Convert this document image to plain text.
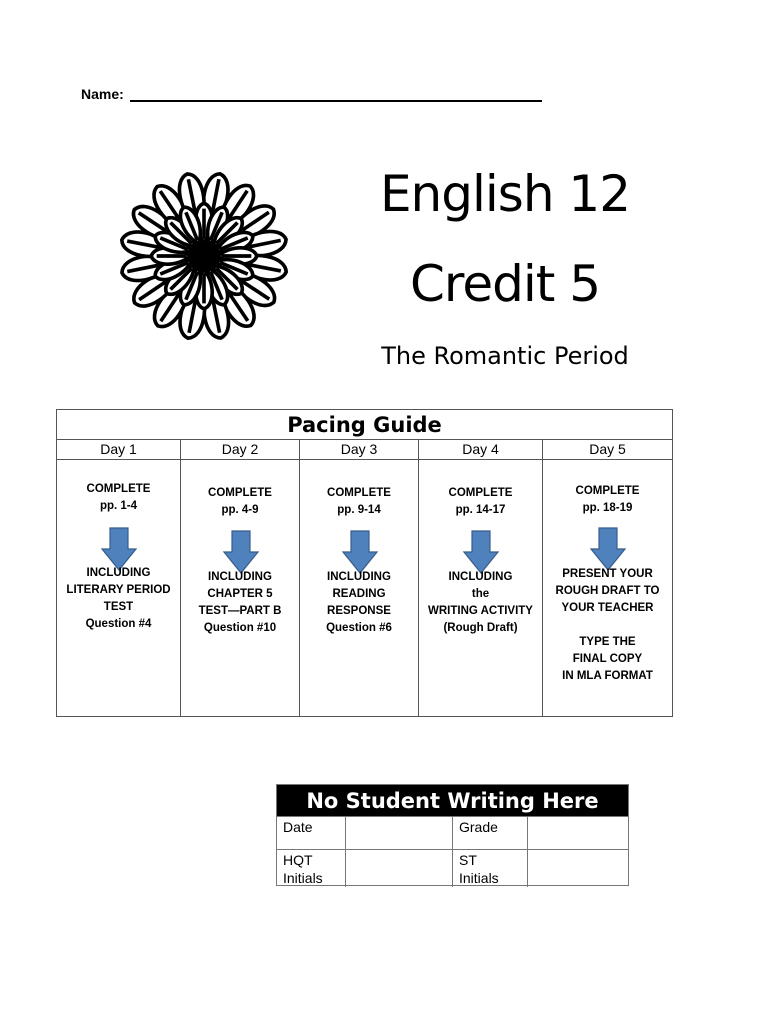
Name:
English 12
Credit 5
The Romantic Period
Pacing Guide
Day 1
COMPLETE
pp. 1-4
INCLUDING
LITERARY PERIOD
TEST
Question #4
Day 2
COMPLETE
pp. 4-9
INCLUDING
CHAPTER 5
TEST—PART B
Question #10
Day 3
COMPLETE
pp. 9-14
INCLUDING
READING
RESPONSE
Question #6
Day 4
COMPLETE
pp. 14-17
INCLUDING
the
WRITING ACTIVITY
(Rough Draft)
Day 5
COMPLETE
pp. 18-19
PRESENT YOUR
ROUGH DRAFT TO
YOUR TEACHER
TYPE THE
FINAL COPY
IN MLA FORMAT
No Student Writing Here
Date	Grade
HQT
Initials
ST
Initials
